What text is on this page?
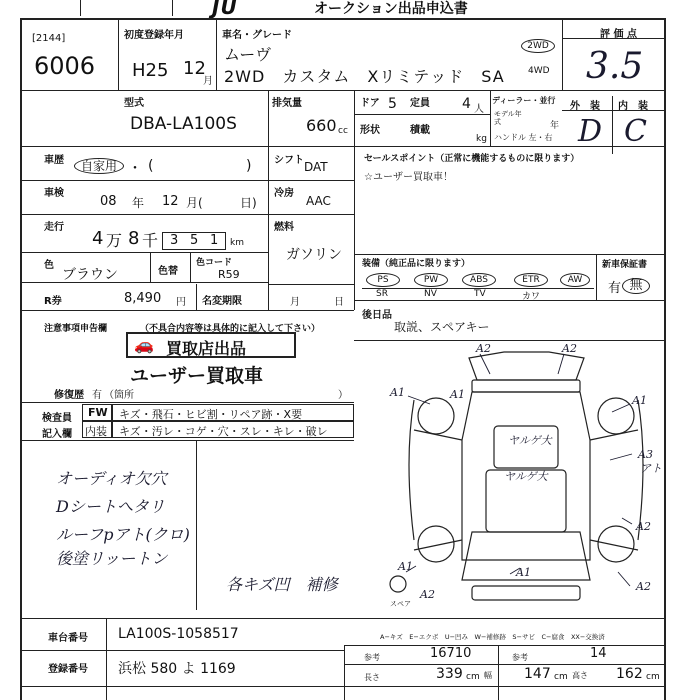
JU	オークション出品申込書
[2144]
6006
初度登録年月
H25 12
月
車名・グレード
ムーヴ
2WD　カスタム　Xリミテッド　SA
2WD
4WD
評 価 点
3.5
型式
DBA-LA100S
排気量
660 cc
ドア 5 定員 4 人
形状	積載
kg
ディーラー・並行
モデル年式	年
ハンドル 左・右
外　装 内　装
D C
車歴	自家用 ・ (	) シフト DAT
セールスポイント（正常に機能するものに限ります）
☆ユーザー買取車！
車検
08 年 12 月(	日)
冷房
AAC
走行
4 万 8 千 3 5 1 km
燃料
ガソリン
色
ブラウン	色替
色コード
R59
R券	8,490 円 名変期限	月	日
装備（純正品に限ります）	新車保証書
有 無
PS	PW	ABS	ETR	AW
SR	NV	TV	カワ
後日品
取説、スペアキー
注意事項申告欄	（不具合内容等は具体的に記入して下さい）
🚗 買取店出品
ユーザー買取車
修復歴 有 （箇所	）
検査員
記入欄
FW キズ・飛石・ヒビ割・リペア跡・X要
内装 キズ・汚レ・コゲ・穴・スレ・キレ・破レ
オーディオ欠穴
Dシートへタリ
ルーフpアト(クロ)
後塗リッートン
各キズ凹　補修
A2	A2
A1
A1
A3
A1
A2
A2
A1
A1
A2
ヤルゲ大
ヤルゲ大
アト
スペア
A−キズ　E−エクボ　U−凹み　W−補修跡　S−サビ　C−腐食　XX−交換済
車台番号 LA100S-1058517
登録番号 浜松 580 よ 1169
参考	16710	参考	14
長さ	339 cm 幅 147 cm 高さ 162 cm
